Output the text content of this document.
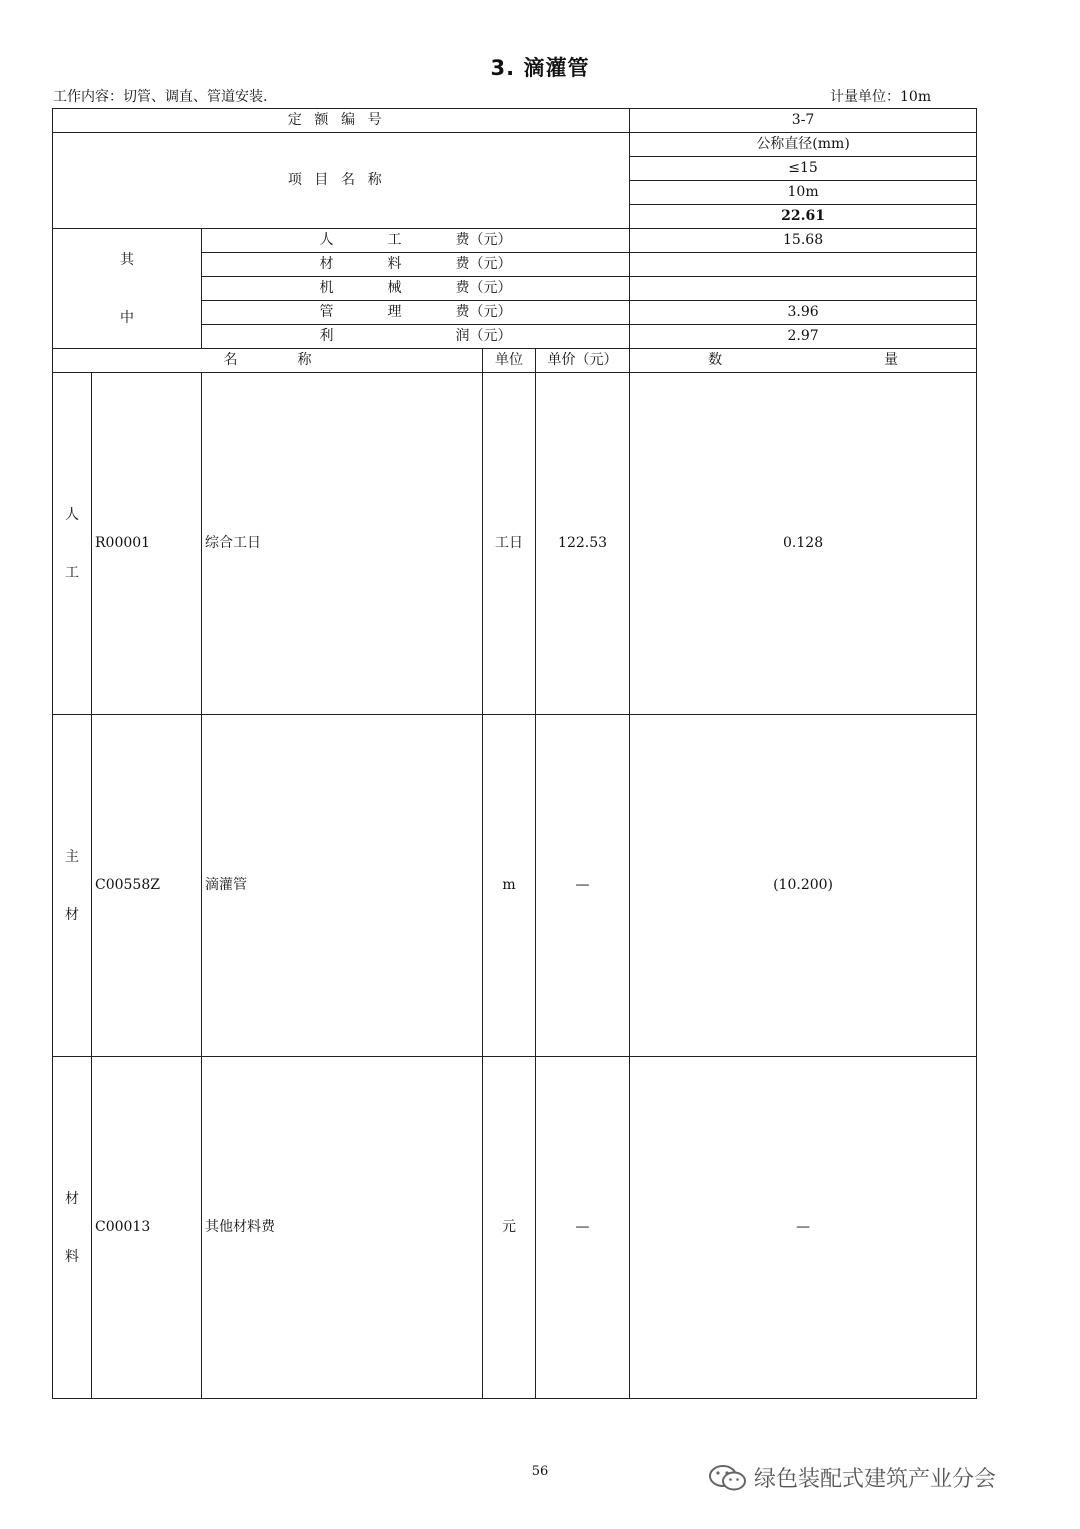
3. 滴灌管
工作内容：切管、调直、管道安装.	计量单位：10m
定额编号					3-7
项目名称					公称直径(mm)
					≤15
					10m
					22.61
其
中		人工费（元）			15.68
		材料费（元）			
		机械费（元）			
		管理费（元）			3.96
		利润（元）			2.97
名称			单位	单价（元）	数量
人
工	R00001	综合工日	工日	122.53	0.128
主
材	C00558Z	滴灌管	m	—	(10.200)
材
料	C00013	其他材料费	元	—	—
56	绿色装配式建筑产业分会
